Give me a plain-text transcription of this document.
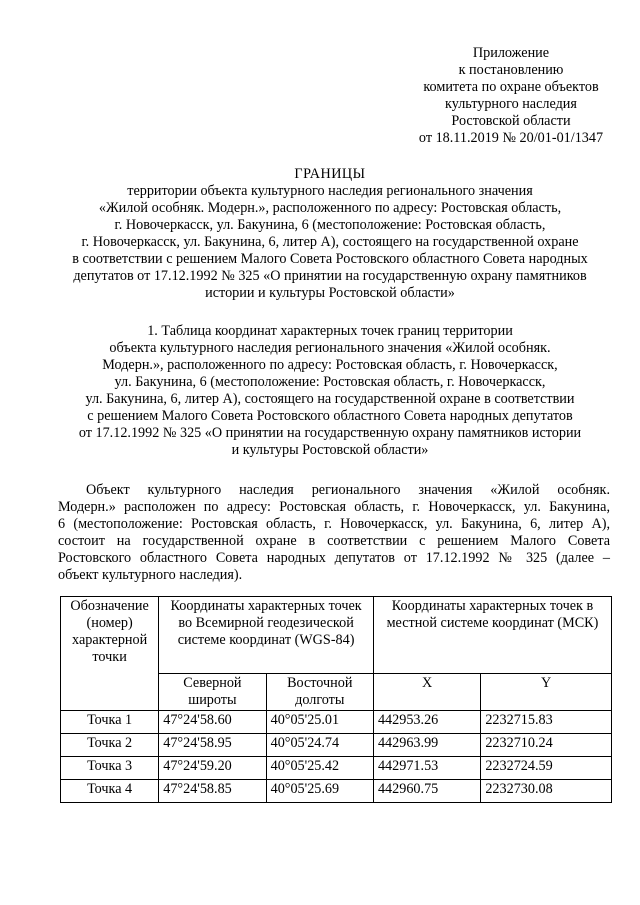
Приложение
к постановлению
комитета по охране объектов
культурного наследия
Ростовской области
от 18.11.2019 № 20/01-01/1347
ГРАНИЦЫ
территории объекта культурного наследия регионального значения
«Жилой особняк. Модерн.», расположенного по адресу: Ростовская область,
г. Новочеркасск, ул. Бакунина, 6 (местоположение: Ростовская область,
г. Новочеркасск, ул. Бакунина, 6, литер А), состоящего на государственной охране
в соответствии с решением Малого Совета Ростовского областного Совета народных
депутатов от 17.12.1992 № 325 «О принятии на государственную охрану памятников
истории и культуры Ростовской области»
1. Таблица координат характерных точек границ территории
объекта культурного наследия регионального значения «Жилой особняк.
Модерн.», расположенного по адресу: Ростовская область, г. Новочеркасск,
ул. Бакунина, 6 (местоположение: Ростовская область, г. Новочеркасск,
ул. Бакунина, 6, литер А), состоящего на государственной охране в соответствии
с решением Малого Совета Ростовского областного Совета народных депутатов
от 17.12.1992 № 325 «О принятии на государственную охрану памятников истории
и культуры Ростовской области»
Объект культурного наследия регионального значения «Жилой особняк.
Модерн.» расположен по адресу: Ростовская область, г. Новочеркасск, ул. Бакунина,
6 (местоположение: Ростовская область, г. Новочеркасск, ул. Бакунина, 6, литер А),
состоит на государственной охране в соответствии с решением Малого Совета
Ростовского областного Совета народных депутатов от 17.12.1992 № 325 (далее –
объект культурного наследия).
Обозначение (номер) характерной точки	Координаты характерных точек во Всемирной геодезической системе координат (WGS-84)		Координаты характерных точек в местной системе координат (МСК)	
	Северной широты	Восточной долготы	X	Y
Точка 1	47°24'58.60	40°05'25.01	442953.26	2232715.83
Точка 2	47°24'58.95	40°05'24.74	442963.99	2232710.24
Точка 3	47°24'59.20	40°05'25.42	442971.53	2232724.59
Точка 4	47°24'58.85	40°05'25.69	442960.75	2232730.08
